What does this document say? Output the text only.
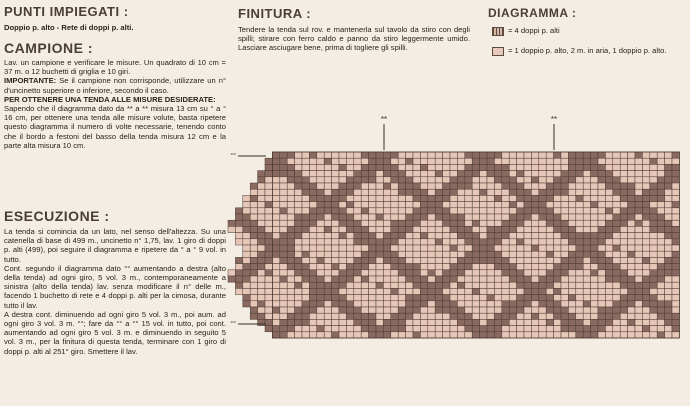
PUNTI IMPIEGATI :
Doppio p. alto - Rete di doppi p. alti.
CAMPIONE :

Lav. un campione e verificare le misure. Un quadrato di 10 cm = 37 m. o 12 buchetti di griglia e 10 giri.

IMPORTANTE: Se il campione non corrisponde, utilizzare un n° d'uncinetto superiore o inferiore, secondo il caso.

PER OTTENERE UNA TENDA ALLE MISURE DESIDERATE:

Sapendo che il diagramma dato da ** a ** misura 13 cm su ° a ° 16 cm, per ottenere una tenda alle misure volute, basta ripetere questo diagramma il numero di volte necessarie, tenendo conto che il bordo a festoni del basso della tenda misura 12 cm e la parte alta misura 10 cm.

ESECUZIONE :

La tenda si comincia da un lato, nel senso dell'altezza. Su una catenella di base di 499 m., uncinetto n° 1,75, lav. 1 giro di doppi p. alti (499), poi seguire il diagramma e ripetere da ° a ° 9 vol. in tutto.

Cont. segundo il diagramma dato °° aumentando a destra (alto della tenda) ad ogni giro, 5 vol. 3 m., contemporaneamente a sinistra (alto della tenda) lav. senza modificare il n° delle m., facendo 1 buchetto di rete e 4 doppi p. alti per la cimosa, durante tutto il lav.

A destra cont. diminuendo ad ogni giro 5 vol. 3 m., poi aum. ad ogni giro 3 vol. 3 m. °°; fare da °° a °° 15 vol. in tutto, poi cont. aumentando ad ogni giro 5 vol. 3 m. e diminuendo in seguito 5 vol. 3 m., per la finitura di questa tenda, terminare con 1 giro di doppi p. alti al 251° giro. Smettere il lav.

FINITURA :

Tendere la tenda sul rov. e mantenerla sul tavolo da stiro con degli spilli; stirare con ferro caldo e panno da stiro leggermente umido. Lasciare asciugare bene, prima di togliere gli spilli.

DIAGRAMMA :
= 4 doppi p. alti
= 1 doppio p. alto, 2 m. in aria, 1 doppio p. alto.
**	**
°°
°°
